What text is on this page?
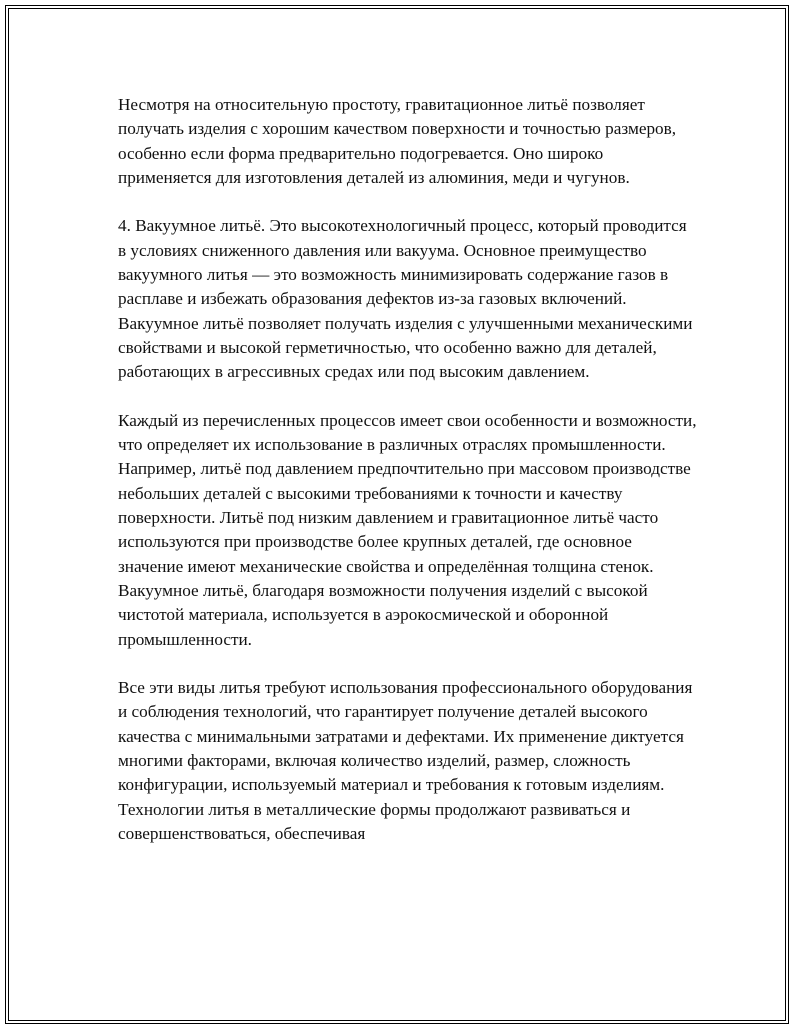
Несмотря на относительную простоту, гравитационное литьё позволяет получать изделия с хорошим качеством поверхности и точностью размеров, особенно если форма предварительно подогревается. Оно широко применяется для изготовления деталей из алюминия, меди и чугунов.

4. Вакуумное литьё. Это высокотехнологичный процесс, который проводится в условиях сниженного давления или вакуума. Основное преимущество вакуумного литья — это возможность минимизировать содержание газов в расплаве и избежать образования дефектов из-за газовых включений. Вакуумное литьё позволяет получать изделия с улучшенными механическими свойствами и высокой герметичностью, что особенно важно для деталей, работающих в агрессивных средах или под высоким давлением.

Каждый из перечисленных процессов имеет свои особенности и возможности, что определяет их использование в различных отраслях промышленности. Например, литьё под давлением предпочтительно при массовом производстве небольших деталей с высокими требованиями к точности и качеству поверхности. Литьё под низким давлением и гравитационное литьё часто используются при производстве более крупных деталей, где основное значение имеют механические свойства и определённая толщина стенок. Вакуумное литьё, благодаря возможности получения изделий с высокой чистотой материала, используется в аэрокосмической и оборонной промышленности.

Все эти виды литья требуют использования профессионального оборудования и соблюдения технологий, что гарантирует получение деталей высокого качества с минимальными затратами и дефектами. Их применение диктуется многими факторами, включая количество изделий, размер, сложность конфигурации, используемый материал и требования к готовым изделиям. Технологии литья в металлические формы продолжают развиваться и совершенствоваться, обеспечивая
